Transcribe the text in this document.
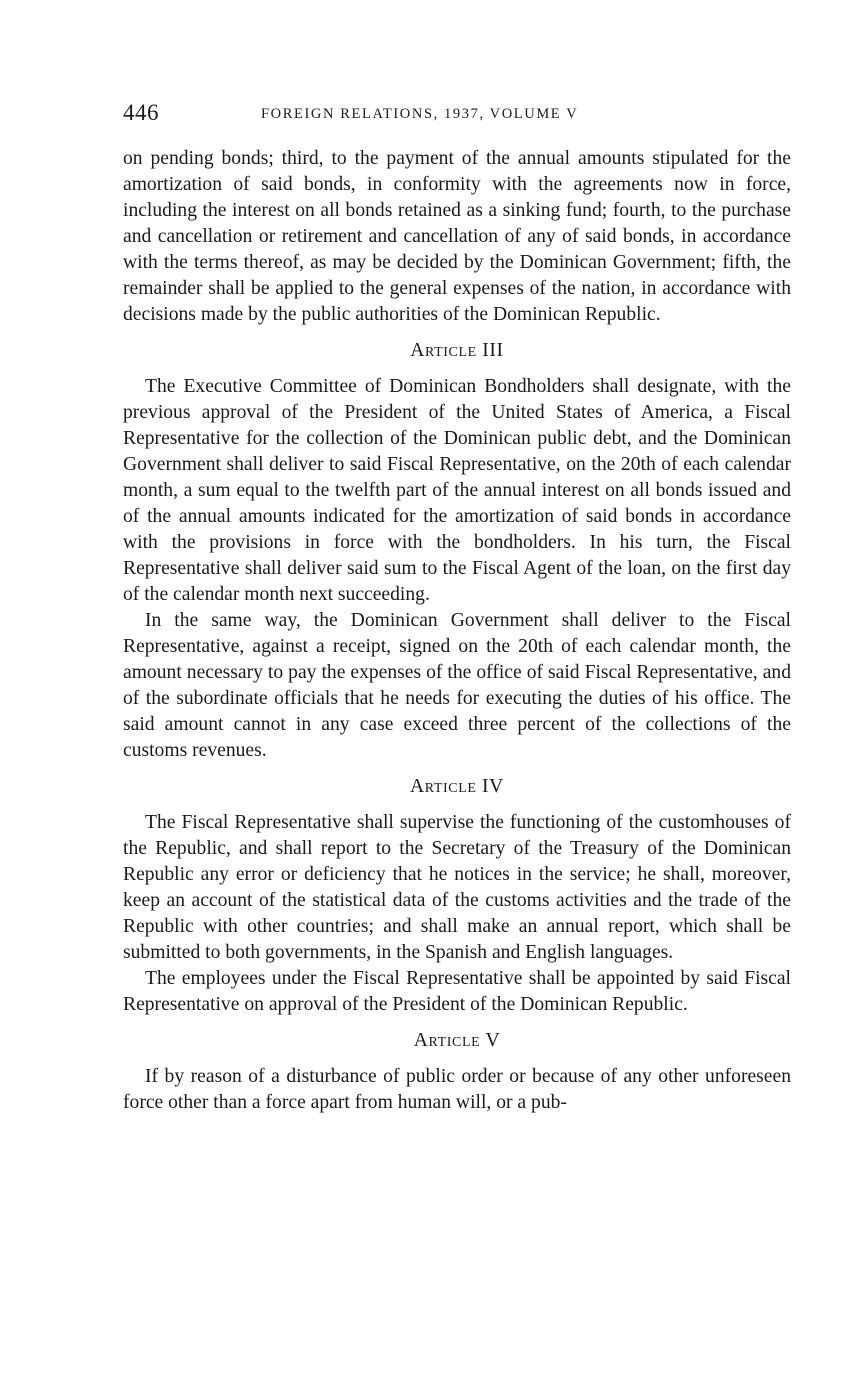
446	FOREIGN RELATIONS, 1937, VOLUME V

on pending bonds; third, to the payment of the annual amounts stipulated for the amortization of said bonds, in conformity with the agreements now in force, including the interest on all bonds retained as a sinking fund; fourth, to the purchase and cancellation or retirement and cancellation of any of said bonds, in accordance with the terms thereof, as may be decided by the Dominican Government; fifth, the remainder shall be applied to the general expenses of the nation, in accordance with decisions made by the public authorities of the Dominican Republic.

Article III

The Executive Committee of Dominican Bondholders shall designate, with the previous approval of the President of the United States of America, a Fiscal Representative for the collection of the Dominican public debt, and the Dominican Government shall deliver to said Fiscal Representative, on the 20th of each calendar month, a sum equal to the twelfth part of the annual interest on all bonds issued and of the annual amounts indicated for the amortization of said bonds in accordance with the provisions in force with the bondholders. In his turn, the Fiscal Representative shall deliver said sum to the Fiscal Agent of the loan, on the first day of the calendar month next succeeding.

In the same way, the Dominican Government shall deliver to the Fiscal Representative, against a receipt, signed on the 20th of each calendar month, the amount necessary to pay the expenses of the office of said Fiscal Representative, and of the subordinate officials that he needs for executing the duties of his office. The said amount cannot in any case exceed three percent of the collections of the customs revenues.

Article IV

The Fiscal Representative shall supervise the functioning of the customhouses of the Republic, and shall report to the Secretary of the Treasury of the Dominican Republic any error or deficiency that he notices in the service; he shall, moreover, keep an account of the statistical data of the customs activities and the trade of the Republic with other countries; and shall make an annual report, which shall be submitted to both governments, in the Spanish and English languages.

The employees under the Fiscal Representative shall be appointed by said Fiscal Representative on approval of the President of the Dominican Republic.

Article V

If by reason of a disturbance of public order or because of any other unforeseen force other than a force apart from human will, or a pub-
